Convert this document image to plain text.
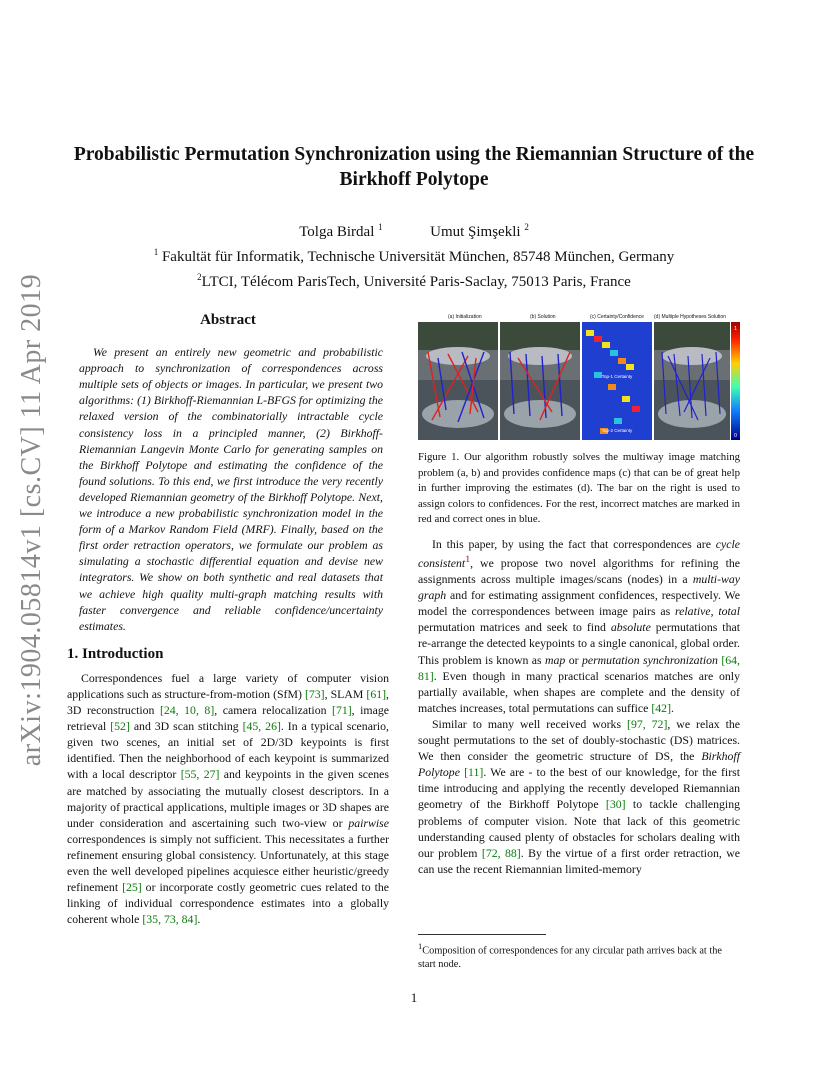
arXiv:1904.05814v1 [cs.CV] 11 Apr 2019
Probabilistic Permutation Synchronization using the Riemannian Structure of the Birkhoff Polytope
Tolga Birdal $^1$	Umut Şimşekli $^2$
$^1$ Fakultät für Informatik, Technische Universität München, 85748 München, Germany
$^2$LTCI, Télécom ParisTech, Université Paris-Saclay, 75013 Paris, France
Abstract

We present an entirely new geometric and probabilistic approach to synchronization of correspondences across multiple sets of objects or images. In particular, we present two algorithms: (1) Birkhoff-Riemannian L-BFGS for optimizing the relaxed version of the combinatorially intractable cycle consistency loss in a principled manner, (2) Birkhoff-Riemannian Langevin Monte Carlo for generating samples on the Birkhoff Polytope and estimating the confidence of the found solutions. To this end, we first introduce the very recently developed Riemannian geometry of the Birkhoff Polytope. Next, we introduce a new probabilistic synchronization model in the form of a Markov Random Field (MRF). Finally, based on the first order retraction operators, we formulate our problem as simulating a stochastic differential equation and devise new integrators. We show on both synthetic and real datasets that we achieve high quality multi-graph matching results with faster convergence and reliable confidence/uncertainty estimates.

1. Introduction

Correspondences fuel a large variety of computer vision applications such as structure-from-motion (SfM) [73], SLAM [61], 3D reconstruction [24, 10, 8], camera relocalization [71], image retrieval [52] and 3D scan stitching [45, 26]. In a typical scenario, given two scenes, an initial set of 2D/3D keypoints is first identified. Then the neighborhood of each keypoint is summarized with a local descriptor [55, 27] and keypoints in the given scenes are matched by associating the mutually closest descriptors. In a majority of practical applications, multiple images or 3D shapes are under consideration and ascertaining such two-view or pairwise correspondences is simply not sufficient. This necessitates a further refinement ensuring global consistency. Unfortunately, at this stage even the well developed pipelines acquiesce either heuristic/greedy refinement [25] or incorporate costly geometric cues related to the linking of individual correspondence estimates into a globally coherent whole [35, 73, 84].

(a) Initialization	(b) Solution	(c) Certainty/Confidence (d) Multiple Hypotheses Solution
Top-1 Certainty
Top-2 Certainty
1
0
Figure 1. Our algorithm robustly solves the multiway image matching problem (a, b) and provides confidence maps (c) that can be of great help in further improving the estimates (d). The bar on the right is used to assign colors to confidences. For the rest, incorrect matches are marked in red and correct ones in blue.

In this paper, by using the fact that correspondences are cycle consistent$^1$, we propose two novel algorithms for refining the assignments across multiple images/scans (nodes) in a multi-way graph and for estimating assignment confidences, respectively. We model the correspondences between image pairs as relative, total permutation matrices and seek to find absolute permutations that re-arrange the detected keypoints to a single canonical, global order. This problem is known as map or permutation synchronization [64, 81]. Even though in many practical scenarios matches are only partially available, when shapes are complete and the density of matches increases, total permutations can suffice [42].

Similar to many well received works [97, 72], we relax the sought permutations to the set of doubly-stochastic (DS) matrices. We then consider the geometric structure of DS, the Birkhoff Polytope [11]. We are - to the best of our knowledge, for the first time introducing and applying the recently developed Riemannian geometry of the Birkhoff Polytope [30] to tackle challenging problems of computer vision. Note that lack of this geometric understanding caused plenty of obstacles for scholars dealing with our problem [72, 88]. By the virtue of a first order retraction, we can use the recent Riemannian limited-memory

$^1$Composition of correspondences for any circular path arrives back at the start node.
1
